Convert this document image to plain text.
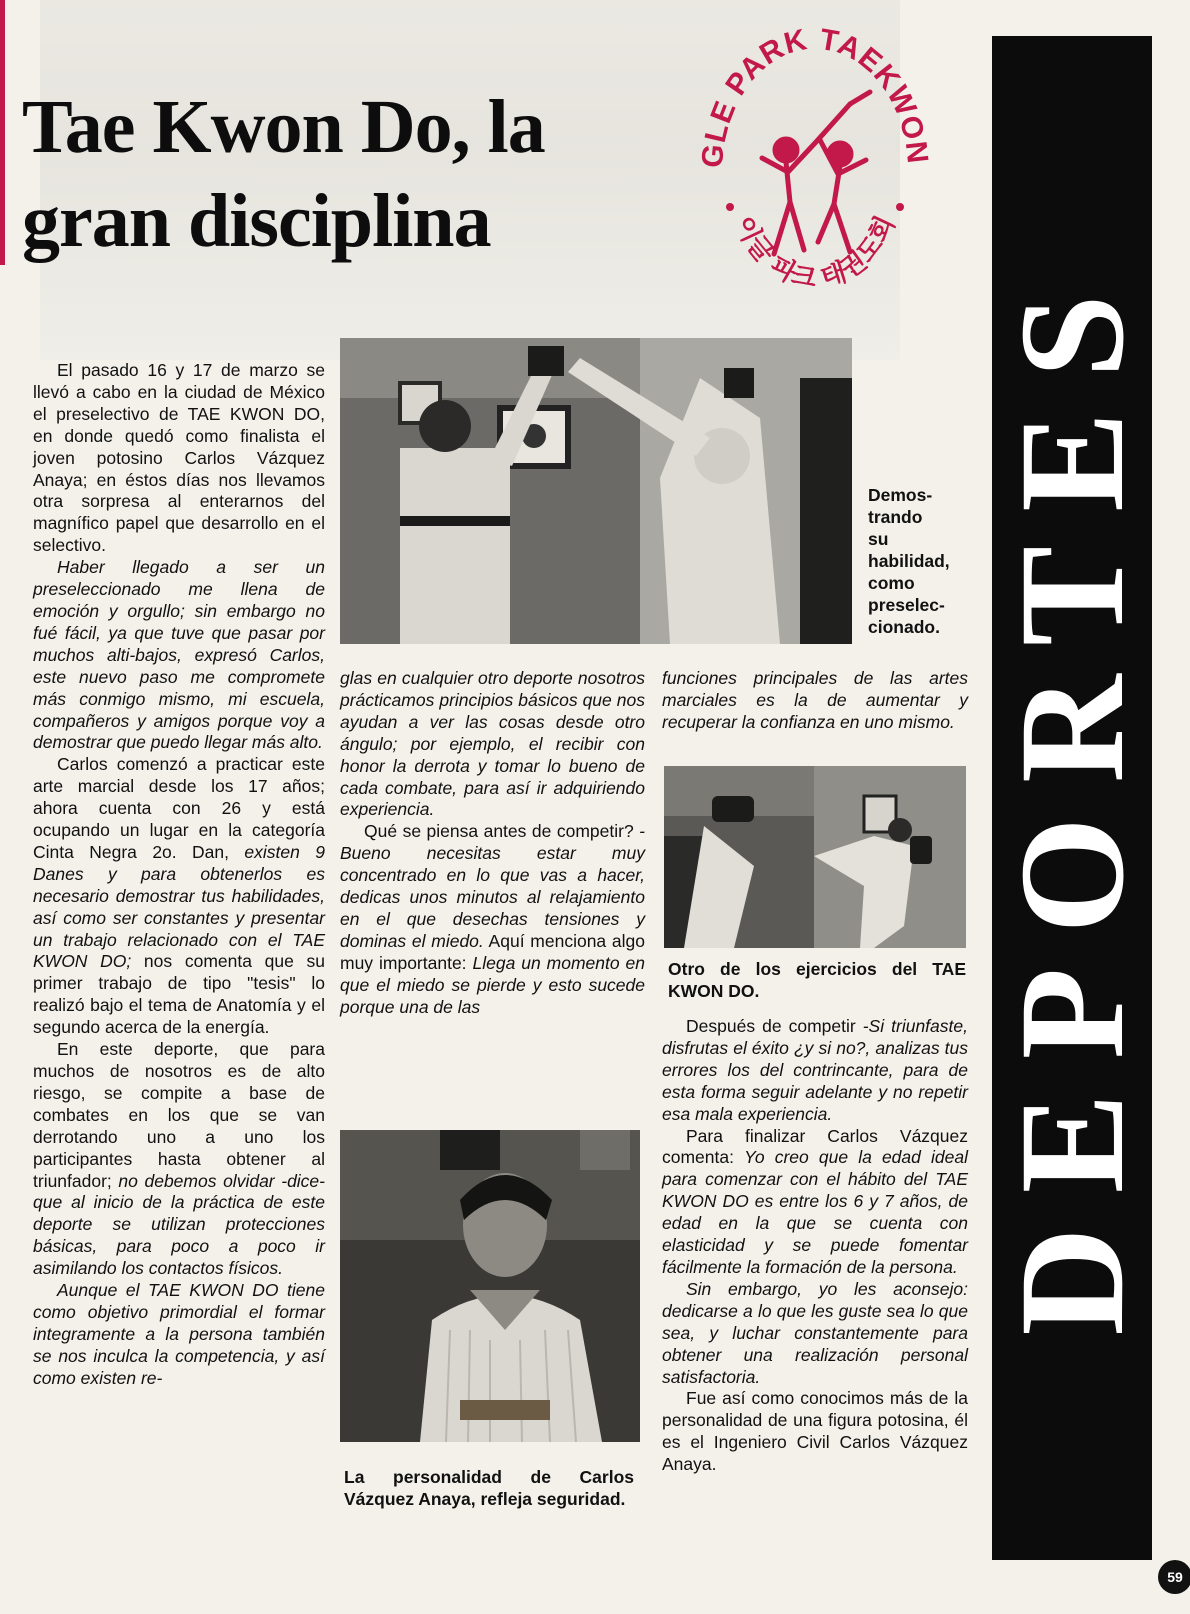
Tae Kwon Do, la
gran disciplina
LE PARK TAEKWO
이글 파크 태권도회

El pasado 16 y 17 de marzo se llevó a cabo en la ciudad de México el preselectivo de TAE KWON DO, en donde quedó como finalista el joven potosino Carlos Vázquez Anaya; en éstos días nos llevamos otra sorpresa al enterarnos del magnífico papel que desarrollo en el selectivo.

Haber llegado a ser un preseleccionado me llena de emoción y orgullo; sin embargo no fué fácil, ya que tuve que pasar por muchos alti-bajos, expresó Carlos, este nuevo paso me compromete más conmigo mismo, mi escuela, compañeros y amigos porque voy a demostrar que puedo llegar más alto.

Carlos comenzó a practicar este arte marcial desde los 17 años; ahora cuenta con 26 y está ocupando un lugar en la categoría Cinta Negra 2o. Dan, existen 9 Danes y para obtenerlos es necesario demostrar tus habilidades, así como ser constantes y presentar un trabajo relacionado con el TAE KWON DO; nos comenta que su primer trabajo de tipo "tesis" lo realizó bajo el tema de Anatomía y el segundo acerca de la energía.

En este deporte, que para muchos de nosotros es de alto riesgo, se compite a base de combates en los que se van derrotando uno a uno los participantes hasta obtener al triunfador; no debemos olvidar -dice- que al inicio de la práctica de este deporte se utilizan protecciones básicas, para poco a poco ir asimilando los contactos físicos.

Aunque el TAE KWON DO tiene como objetivo primordial el formar integramente a la persona también se nos inculca la competencia, y así como existen re-

Demos-
trando
su
habilidad,
como
preselec-
cionado.

glas en cualquier otro deporte nosotros prácticamos principios básicos que nos ayudan a ver las cosas desde otro ángulo; por ejemplo, el recibir con honor la derrota y tomar lo bueno de cada combate, para así ir adquiriendo experiencia.

Qué se piensa antes de competir? -Bueno necesitas estar muy concentrado en lo que vas a hacer, dedicas unos minutos al relajamiento en el que desechas tensiones y dominas el miedo. Aquí menciona algo muy importante: Llega un momento en que el miedo se pierde y esto sucede porque una de las

funciones principales de las artes marciales es la de aumentar y recuperar la confianza en uno mismo.

Otro de los ejercicios del TAE KWON DO.

Después de competir -Si triunfaste, disfrutas el éxito ¿y si no?, analizas tus errores los del contrincante, para de esta forma seguir adelante y no repetir esa mala experiencia.

Para finalizar Carlos Vázquez comenta: Yo creo que la edad ideal para comenzar con el hábito del TAE KWON DO es entre los 6 y 7 años, de edad en la que se cuenta con elasticidad y se puede fomentar fácilmente la formación de la persona.

Sin embargo, yo les aconsejo: dedicarse a lo que les guste sea lo que sea, y luchar constantemente para obtener una realización personal satisfactoria.

Fue así como conocimos más de la personalidad de una figura potosina, él es el Ingeniero Civil Carlos Vázquez Anaya.

La personalidad de Carlos Vázquez Anaya, refleja seguridad.
DEPORTES
59
